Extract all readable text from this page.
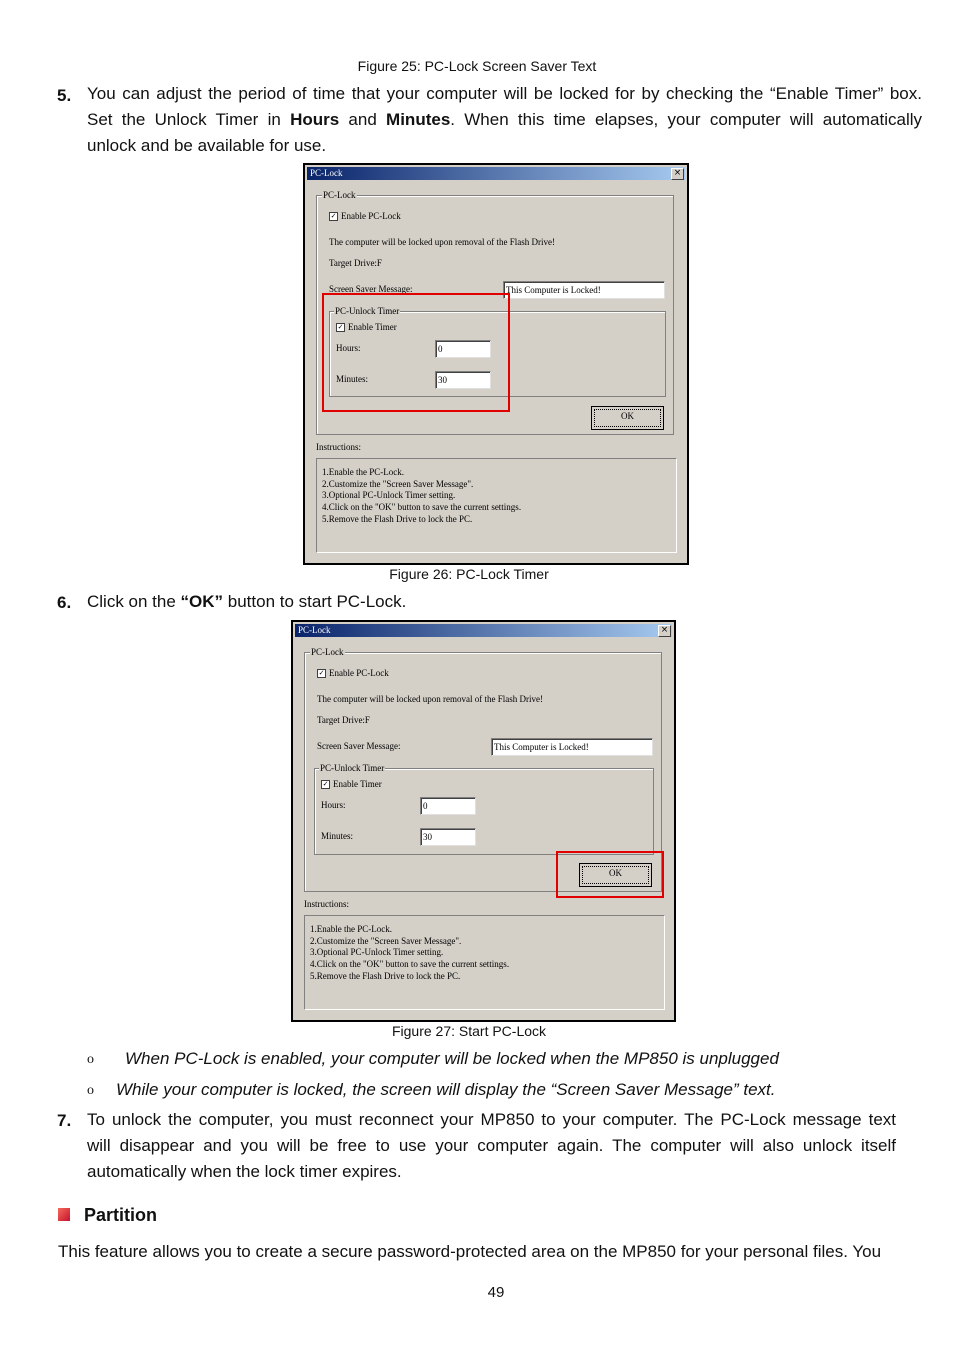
Figure 25: PC-Lock Screen Saver Text
5. You can adjust the period of time that your computer will be locked for by checking the “Enable Timer” box.
Set the Unlock Timer in Hours and Minutes. When this time elapses, your computer will automatically
unlock and be available for use.
PC-Lock	×
PC-Lock
✓ Enable PC-Lock
The computer will be locked upon removal of the Flash Drive!
Target Drive:F
Screen Saver Message:	This Computer is Locked!
PC-Unlock Timer
✓ Enable Timer
Hours:	0
Minutes:	30
OK
Instructions:
1.Enable the PC-Lock.
2.Customize the "Screen Saver Message".
3.Optional PC-Unlock Timer setting.
4.Click on the "OK" button to save the current settings.
5.Remove the Flash Drive to lock the PC.
Figure 26: PC-Lock Timer
6. Click on the “OK” button to start PC-Lock.
PC-Lock	×
PC-Lock
✓ Enable PC-Lock
The computer will be locked upon removal of the Flash Drive!
Target Drive:F
Screen Saver Message:	This Computer is Locked!
PC-Unlock Timer
✓ Enable Timer
Hours:	0
Minutes:	30
OK
Instructions:
1.Enable the PC-Lock.
2.Customize the "Screen Saver Message".
3.Optional PC-Unlock Timer setting.
4.Click on the "OK" button to save the current settings.
5.Remove the Flash Drive to lock the PC.
Figure 27: Start PC-Lock
o When PC-Lock is enabled, your computer will be locked when the MP850 is unplugged
o While your computer is locked, the screen will display the “Screen Saver Message” text.
7. To unlock the computer, you must reconnect your MP850 to your computer. The PC-Lock message text
will disappear and you will be free to use your computer again. The computer will also unlock itself
automatically when the lock timer expires.
Partition
This feature allows you to create a secure password-protected area on the MP850 for your personal files. You
49
